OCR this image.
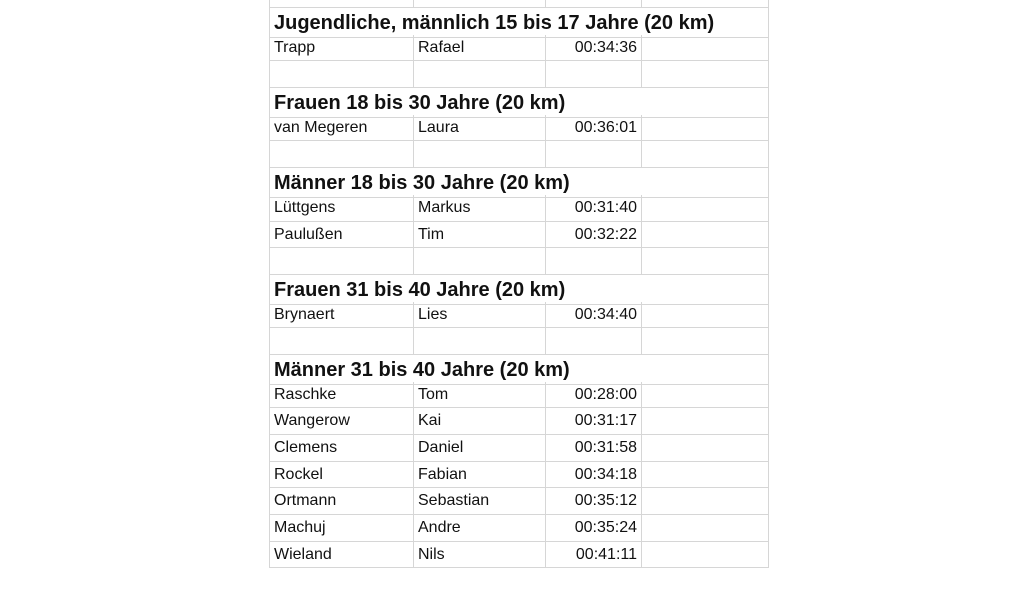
Jugendliche, männlich 15 bis 17 Jahre (20 km)
Trapp	Rafael	00:34:36
Frauen 18 bis 30 Jahre (20 km)
van Megeren	Laura	00:36:01
Männer 18 bis 30 Jahre (20 km)
Lüttgens	Markus	00:31:40
Paulußen	Tim	00:32:22
Frauen 31 bis 40 Jahre (20 km)
Brynaert	Lies	00:34:40
Männer 31 bis 40 Jahre (20 km)
Raschke	Tom	00:28:00
Wangerow	Kai	00:31:17
Clemens	Daniel	00:31:58
Rockel	Fabian	00:34:18
Ortmann	Sebastian	00:35:12
Machuj	Andre	00:35:24
Wieland	Nils	00:41:11
